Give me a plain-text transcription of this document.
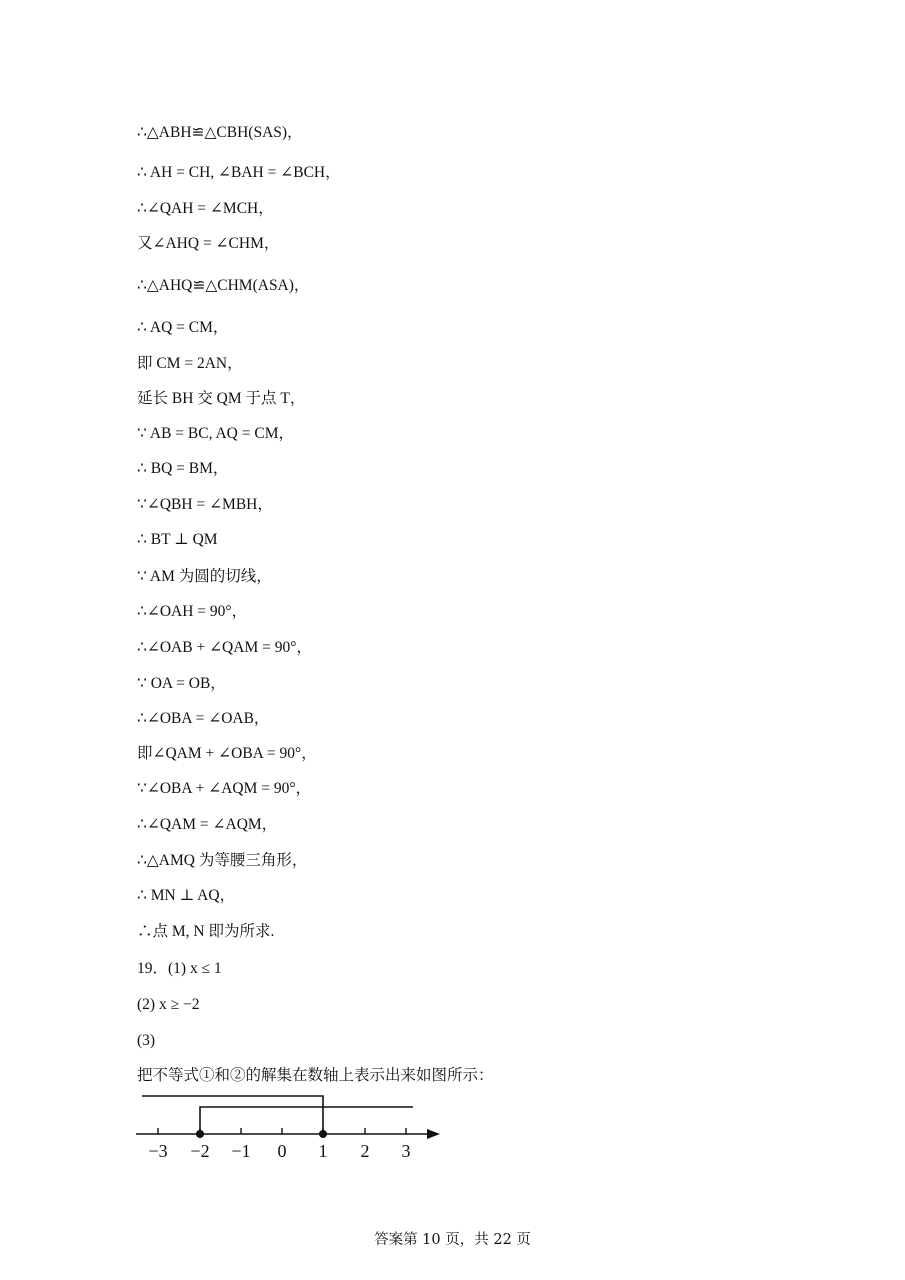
∴△ABH≌△CBH(SAS)，
∴ AH = CH, ∠BAH = ∠BCH，
∴∠QAH = ∠MCH，
又∠AHQ = ∠CHM，
∴△AHQ≌△CHM(ASA)，
∴ AQ = CM，
即 CM = 2AN，
延长 BH 交 QM 于点 T，
∵ AB = BC, AQ = CM，
∴ BQ = BM，
∵∠QBH = ∠MBH，
∴ BT ⊥ QM
∵ AM 为圆的切线，
∴∠OAH = 90°，
∴∠OAB + ∠QAM = 90°，
∵ OA = OB，
∴∠OBA = ∠OAB，
即∠QAM + ∠OBA = 90°，
∵∠OBA + ∠AQM = 90°，
∴∠QAM = ∠AQM，
∴△AMQ 为等腰三角形，
∴ MN ⊥ AQ，
∴点 M, N 即为所求.
19．(1) x ≤ 1
(2) x ≥ −2
(3)
把不等式①和②的解集在数轴上表示出来如图所示：
−3 −2 −1 0 1 2 3
答案第 10 页，共 22 页
